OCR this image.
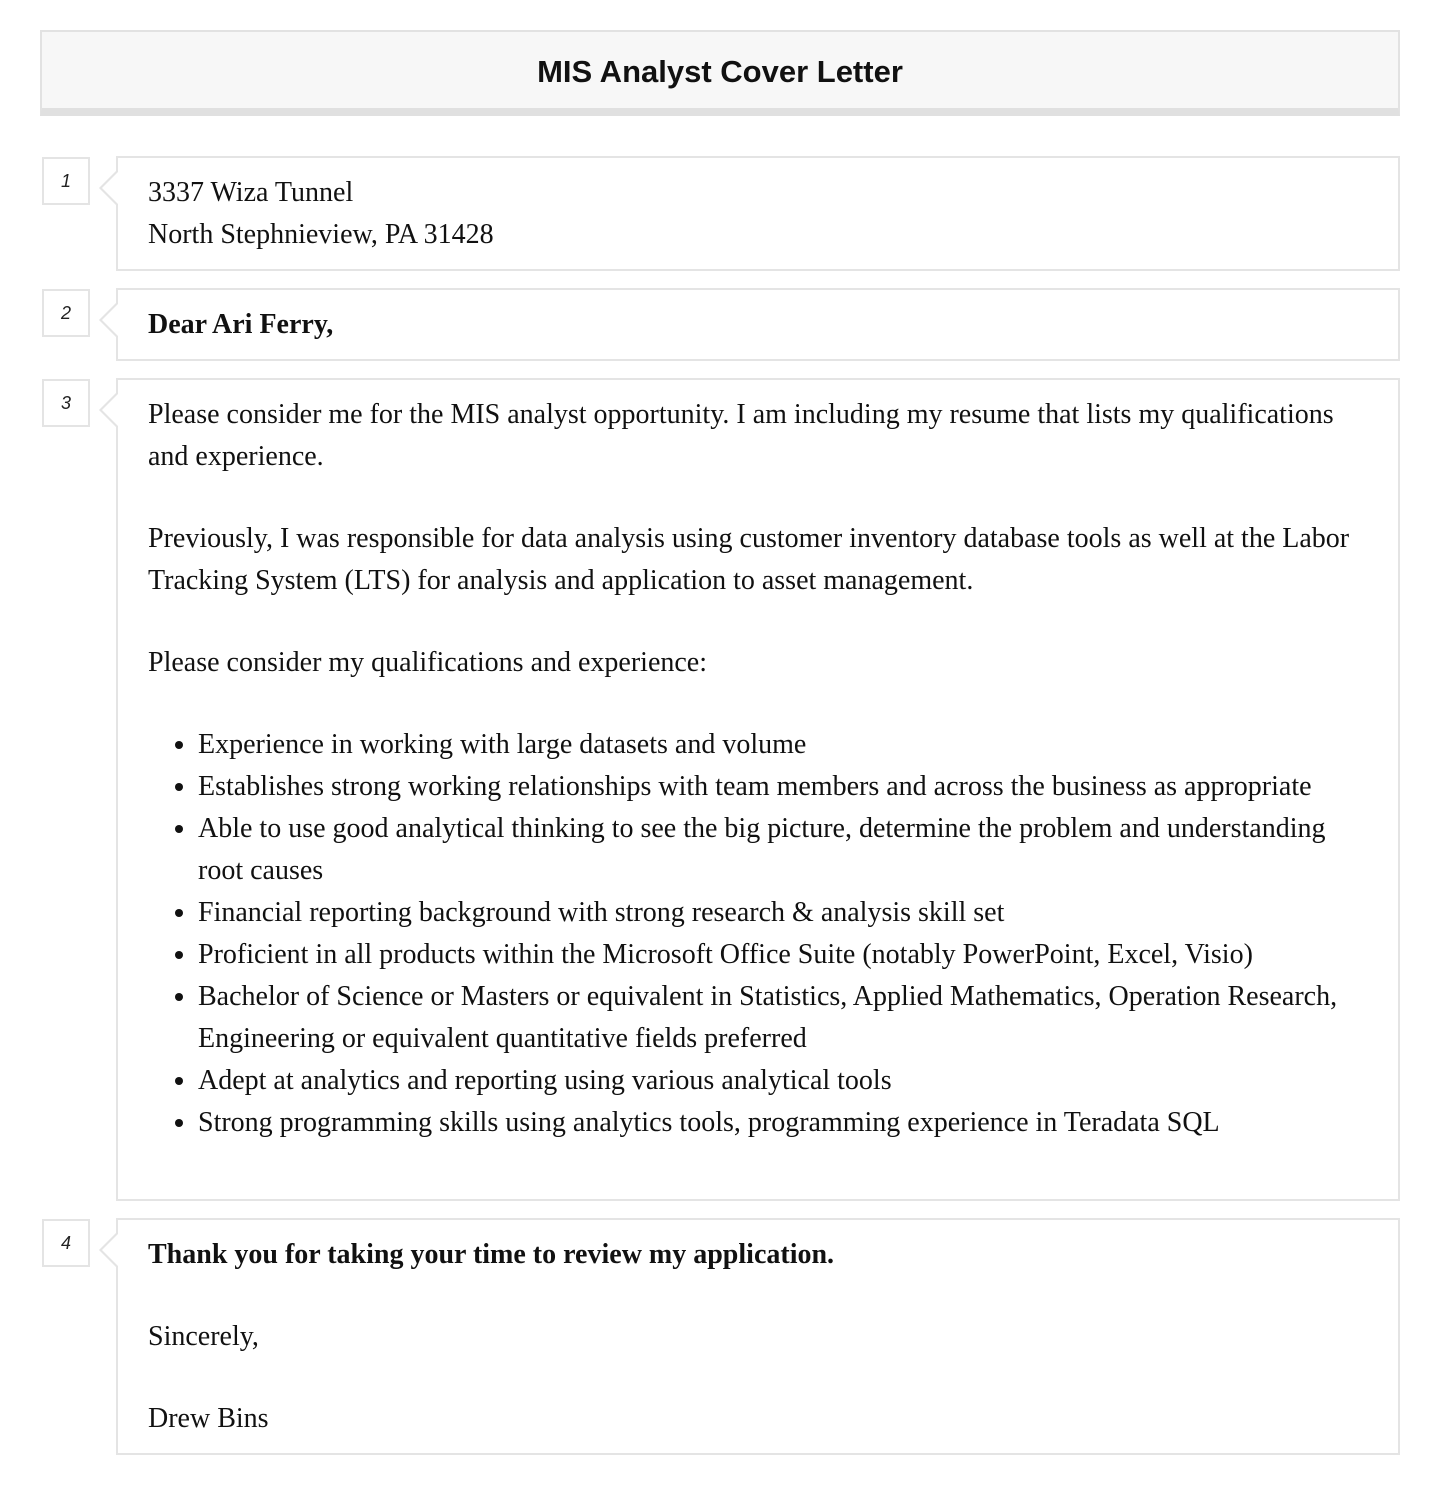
MIS Analyst Cover Letter
1	3337 Wiza Tunnel

North Stephnieview, PA 31428

2	Dear Ari Ferry,

3	Please consider me for the MIS analyst opportunity. I am including my resume that lists my qualifications and experience.

Previously, I was responsible for data analysis using customer inventory database tools as well at the Labor Tracking System (LTS) for analysis and application to asset management.

Please consider my qualifications and experience:

• Experience in working with large datasets and volume
• Establishes strong working relationships with team members and across the business as appropriate
• Able to use good analytical thinking to see the big picture, determine the problem and understanding root causes
• Financial reporting background with strong research & analysis skill set
• Proficient in all products within the Microsoft Office Suite (notably PowerPoint, Excel, Visio)
• Bachelor of Science or Masters or equivalent in Statistics, Applied Mathematics, Operation Research, Engineering or equivalent quantitative fields preferred
• Adept at analytics and reporting using various analytical tools
• Strong programming skills using analytics tools, programming experience in Teradata SQL
4	Thank you for taking your time to review my application.

Sincerely,

Drew Bins
